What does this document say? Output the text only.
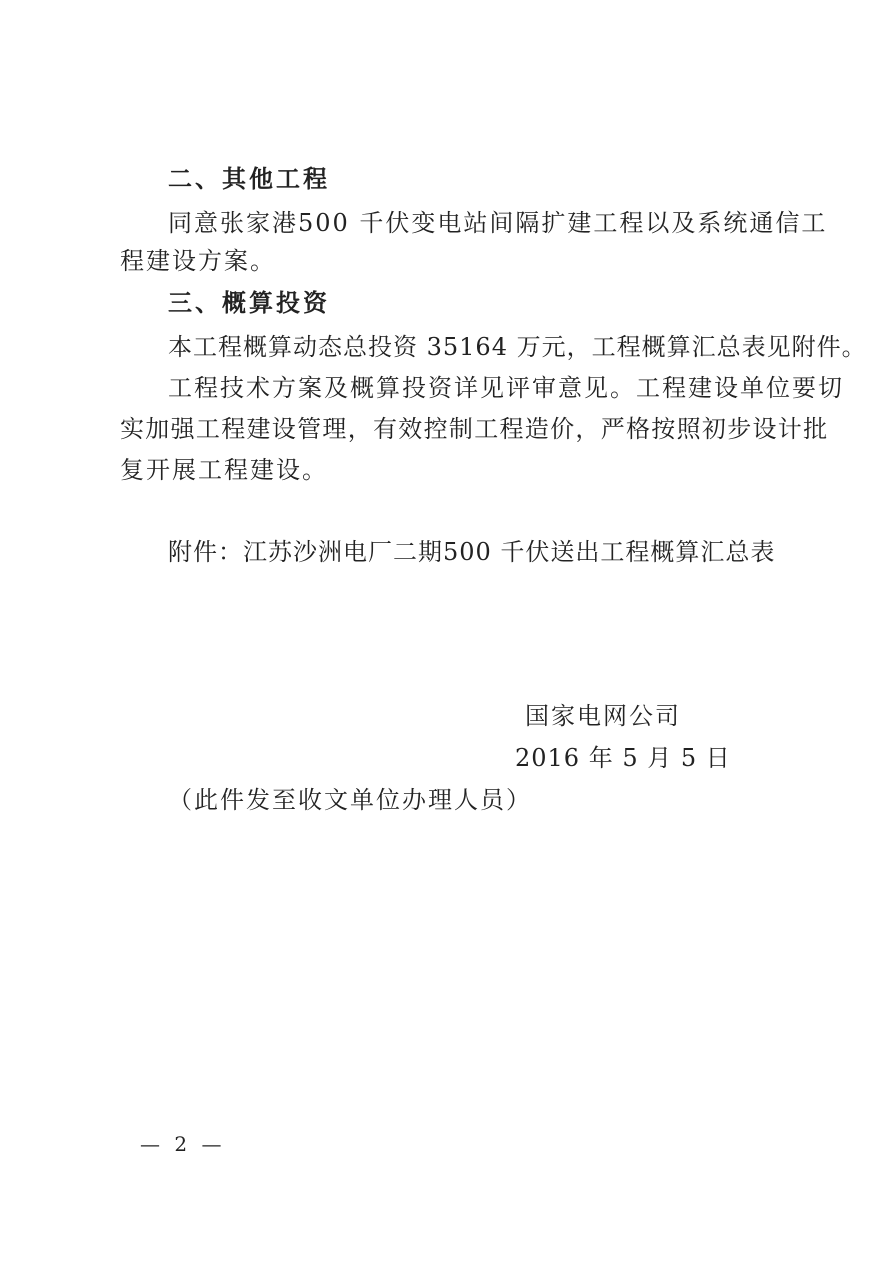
二、其他工程
同意张家港500 千伏变电站间隔扩建工程以及系统通信工
程建设方案。
三、概算投资
本工程概算动态总投资 35164 万元，工程概算汇总表见附件。
工程技术方案及概算投资详见评审意见。工程建设单位要切
实加强工程建设管理，有效控制工程造价，严格按照初步设计批
复开展工程建设。
附件：江苏沙洲电厂二期500 千伏送出工程概算汇总表
国家电网公司
2016 年 5 月 5 日
（此件发至收文单位办理人员）
— 2 —
